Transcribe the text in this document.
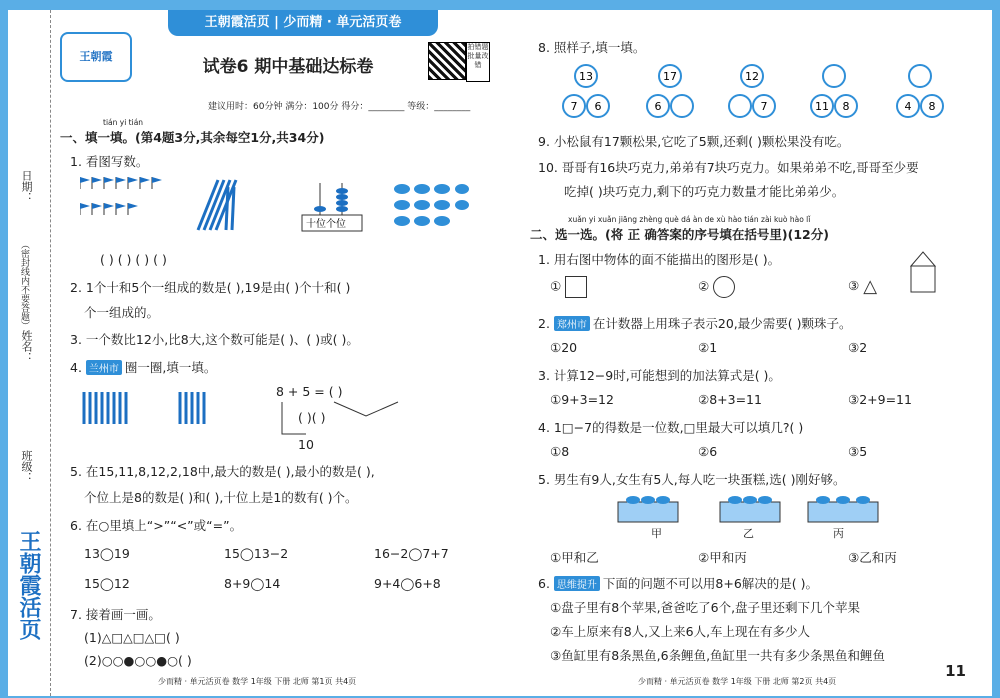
王朝霞活页 | 少而精 · 单元活页卷
日期：
（密封线内不要答题）
姓名：
班级：
王朝霞活页
王朝霞
试卷6 期中基础达标卷
拍错题批量改错
建议用时：60分钟 满分：100分 得分：________ 等级：________
tián yi tián
一、填一填。(第4题3分,其余每空1分,共34分)
1. 看图写数。
十位个位
( ) ( ) ( ) ( )
2. 1个十和5个一组成的数是( ),19是由( )个十和( )
个一组成的。
3. 一个数比12小,比8大,这个数可能是( )、( )或( )。
4. 兰州市 圈一圈,填一填。
8 + 5 = ( )
( )( )
10
5. 在15,11,8,12,2,18中,最大的数是( ),最小的数是( ),
个位上是8的数是( )和( ),十位上是1的数有( )个。
6. 在○里填上“>”“<”或“=”。
13◯19	15◯13−2	16−2◯7+7
15◯12	8+9◯14	9+4◯6+8
7. 接着画一画。
(1)△□△□△□( )
(2)○○●○○●○( )
少而精 · 单元活页卷 数学 1年级 下册 北师 第1页 共4页
8. 照样子,填一填。
13
7 6
17
6
12
7	11 8	4 8
9. 小松鼠有17颗松果,它吃了5颗,还剩( )颗松果没有吃。
10. 哥哥有16块巧克力,弟弟有7块巧克力。如果弟弟不吃,哥哥至少要
吃掉( )块巧克力,剩下的巧克力数量才能比弟弟少。
xuǎn yi xuǎn jiāng zhèng què dá àn de xù hào tián zài kuò hào lǐ
二、选一选。(将 正 确答案的序号填在括号里)(12分)
1. 用右图中物体的面不能描出的图形是( )。
①	②	③ △
2. 郑州市 在计数器上用珠子表示20,最少需要( )颗珠子。
①20	②1	③2
3. 计算12−9时,可能想到的加法算式是( )。
①9+3=12	②8+3=11	③2+9=11
4. 1□−7的得数是一位数,□里最大可以填几?( )
①8	②6	③5
5. 男生有9人,女生有5人,每人吃一块蛋糕,选( )刚好够。
甲	乙	丙
①甲和乙	②甲和丙	③乙和丙
6. 思维提升 下面的问题不可以用8+6解决的是( )。
①盘子里有8个苹果,爸爸吃了6个,盘子里还剩下几个苹果
②车上原来有8人,又上来6人,车上现在有多少人
③鱼缸里有8条黑鱼,6条鲤鱼,鱼缸里一共有多少条黑鱼和鲤鱼
少而精 · 单元活页卷 数学 1年级 下册 北师 第2页 共4页
11
